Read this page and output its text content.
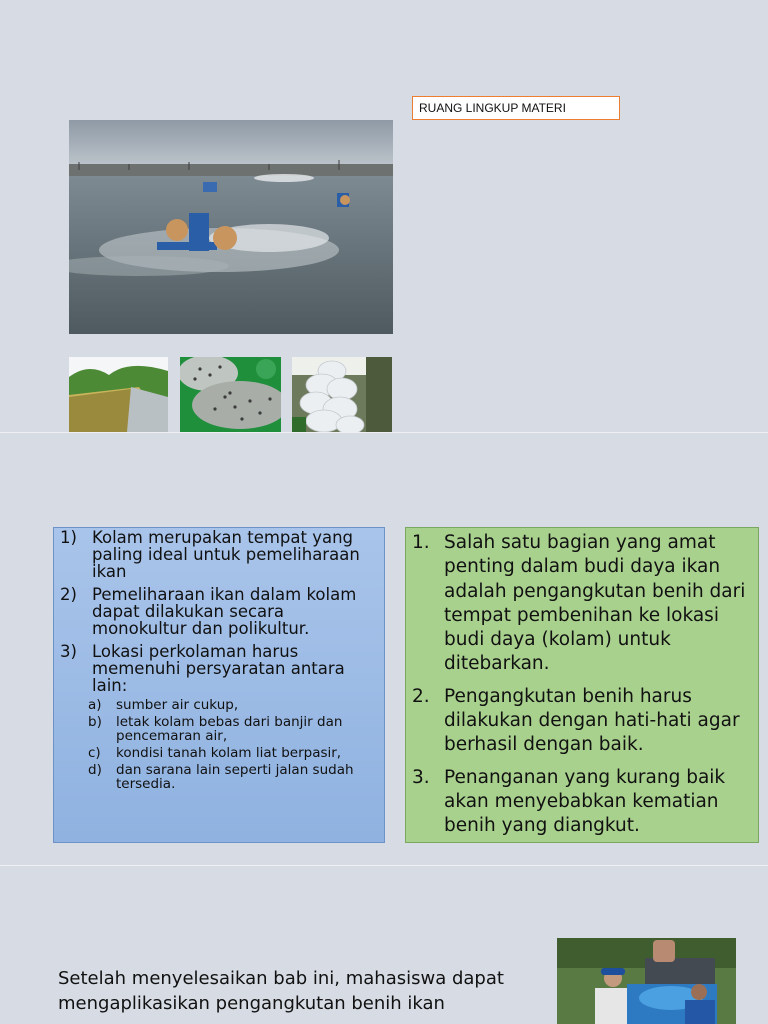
RUANG LINGKUP MATERI
1) Kolam merupakan tempat yang paling ideal untuk pemeliharaan ikan
2) Pemeliharaan ikan dalam kolam dapat dilakukan secara monokultur dan polikultur.
3) Lokasi perkolaman harus memenuhi persyaratan antara lain:
a)	sumber air cukup,
b)	letak kolam bebas dari banjir dan pencemaran air,
c)	kondisi tanah kolam liat berpasir,
d)	dan sarana lain seperti jalan sudah tersedia.
1. Salah satu bagian yang amat penting dalam budi daya ikan adalah pengangkutan benih dari tempat pembenihan ke lokasi budi daya (kolam) untuk ditebarkan.
2. Pengangkutan benih harus dilakukan dengan hati-hati agar berhasil dengan baik.
3. Penanganan yang kurang baik akan menyebabkan kematian benih yang diangkut.
Setelah menyelesaikan bab ini, mahasiswa dapat mengaplikasikan pengangkutan benih ikan
